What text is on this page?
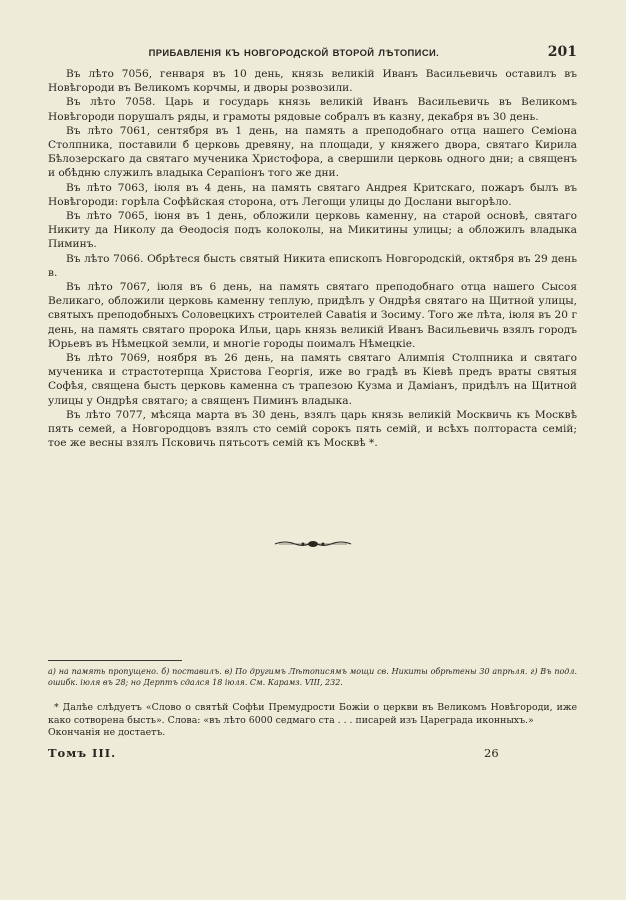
ПРИБАВЛЕНІЯ КЪ НОВГОРОДСКОЙ ВТОРОЙ ЛѢТОПИСИ.	201

Въ лѣто 7056, генваря въ 10 день, князь великій Иванъ Васильевичь оставилъ въ Новѣгороди въ Великомъ корчмы, и дворы розвозили.

Въ лѣто 7058. Царь и государь князь великій Иванъ Васильевичь въ Великомъ Новѣгороди порушалъ ряды, и грамоты рядовые собралъ въ казну, декабря въ 30 день.

Въ лѣто 7061, сентября въ 1 день, на память а преподобнаго отца нашего Семіона Столпника, поставили б церковь древяну, на площади, у княжего двора, святаго Кирила Бѣлозерскаго да святаго мученика Христофора, а свершили церковь одного дни; а священъ и обѣдню служилъ владыка Серапіонъ того же дни.

Въ лѣто 7063, іюля въ 4 день, на память святаго Андрея Критскаго, пожаръ былъ въ Новѣгороди: горѣла Софѣйская сторона, отъ Легощи улицы до Дослани выгорѣло.

Въ лѣто 7065, іюня въ 1 день, обложили церковь каменну, на старой основѣ, святаго Никиту да Николу да Ѳеодосія подъ колоколы, на Микитины улицы; а обложилъ владыка Пиминъ.

Въ лѣто 7066. Обрѣтеся бысть святый Никита епископъ Новгородскій, октября въ 29 день в.

Въ лѣто 7067, іюля въ 6 день, на память святаго преподобнаго отца нашего Сысоя Великаго, обложили церковь каменну теплую, придѣлъ у Ондрѣя святаго на Щитной улицы, святыхъ преподобныхъ Соловецкихъ строителей Савatія и Зосиму. Того же лѣта, іюля въ 20 г день, на память святаго пророка Ильи, царь князь великій Иванъ Васильевичь взялъ городъ Юрьевъ въ Нѣмецкой земли, и многіе городы поималъ Нѣмецкіе.

Въ лѣто 7069, ноября въ 26 день, на память святаго Алимпія Столпника и святаго мученика и страстотерпца Христова Георгія, иже во градѣ въ Кіевѣ предъ враты святыя Софѣя, священа бысть церковь каменна съ трапезою Кузма и Даміанъ, придѣлъ на Щитной улицы у Ондрѣя святаго; а священъ Пиминъ владыка.

Въ лѣто 7077, мѣсяца марта въ 30 день, взялъ царь князь великій Москвичь къ Москвѣ пять семей, а Новгородцовъ взялъ сто семій сорокъ пять семій, и всѣхъ полтораста семій; тое же весны взялъ Псковичь пятьсотъ семій къ Москвѣ *.

а) на память пропущено. б) поставилъ. в) По другимъ Лѣтописямъ мощи св. Никиты обрѣтены 30 апрѣля. г) Въ подл. ошибк. іюля въ 28; но Дерптъ сдался 18 іюля. См. Карамз. VIII, 232.

* Далѣе слѣдуетъ «Слово о святѣй Софѣи Премудрости Божіи о церкви въ Великомъ Новѣгороди, иже како сотворена бысть». Слова: «въ лѣто 6000 седмаго ста . . . писарей изъ Цареграда иконныхъ.»

Окончанія не достаетъ.

Томъ III.	26
